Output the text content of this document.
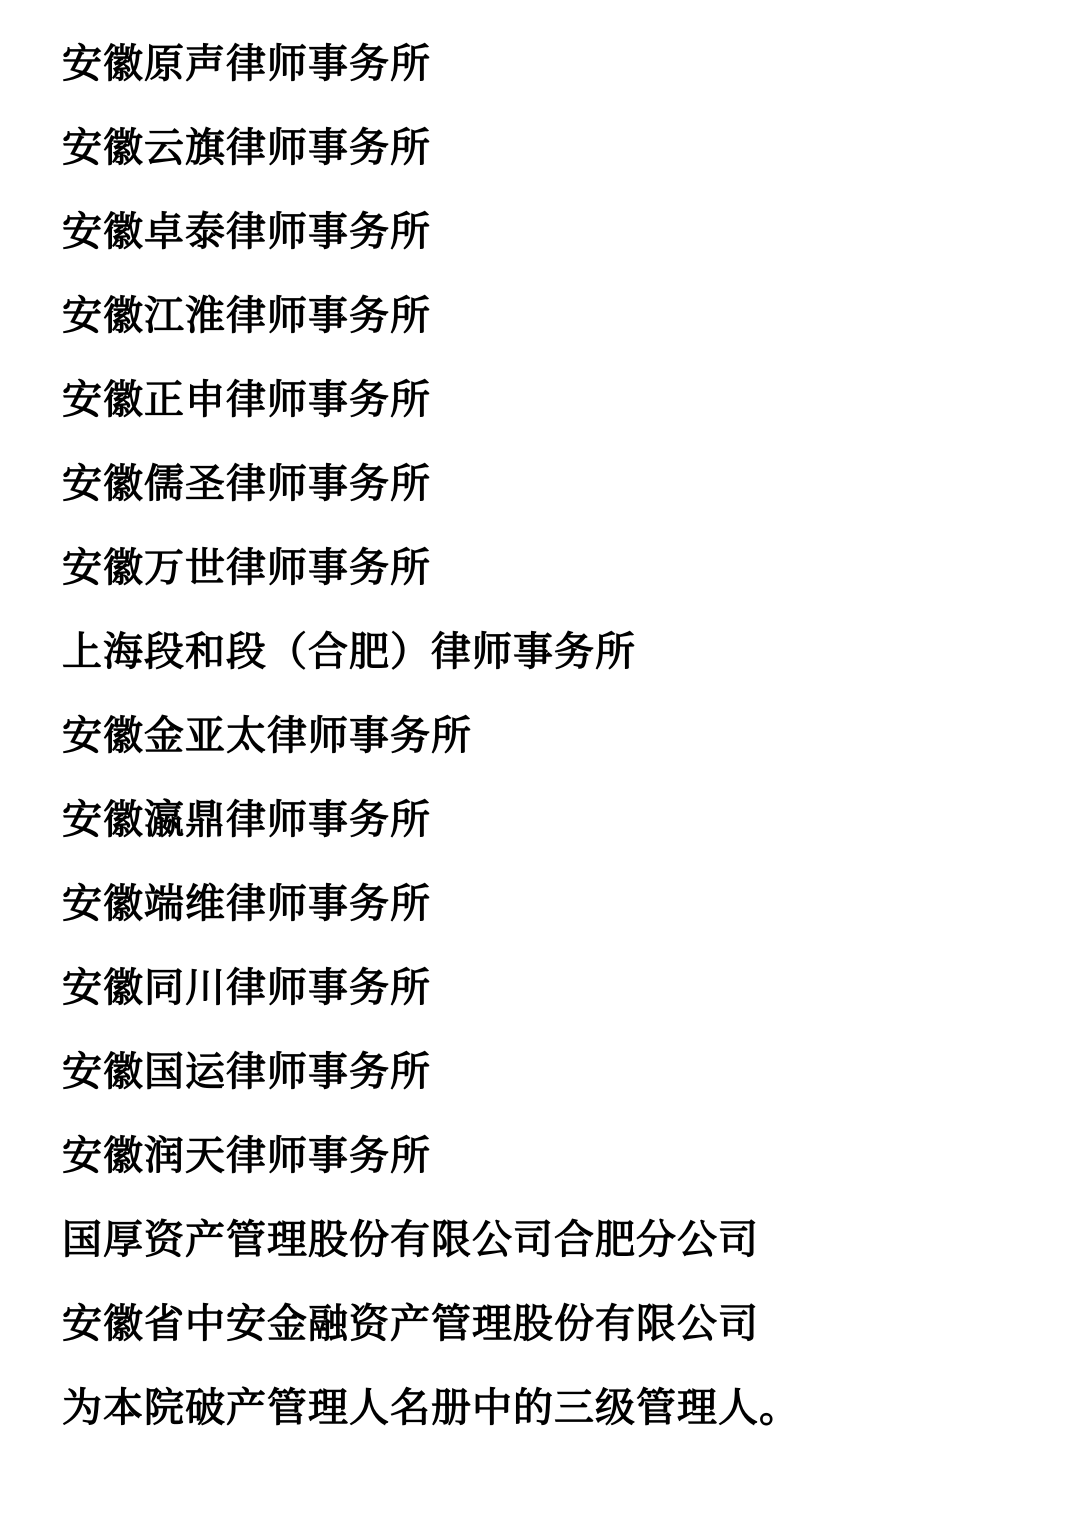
安徽原声律师事务所
安徽云旗律师事务所
安徽卓泰律师事务所
安徽江淮律师事务所
安徽正申律师事务所
安徽儒圣律师事务所
安徽万世律师事务所
上海段和段（合肥）律师事务所
安徽金亚太律师事务所
安徽瀛鼎律师事务所
安徽端维律师事务所
安徽同川律师事务所
安徽国运律师事务所
安徽润天律师事务所
国厚资产管理股份有限公司合肥分公司
安徽省中安金融资产管理股份有限公司
为本院破产管理人名册中的三级管理人。
